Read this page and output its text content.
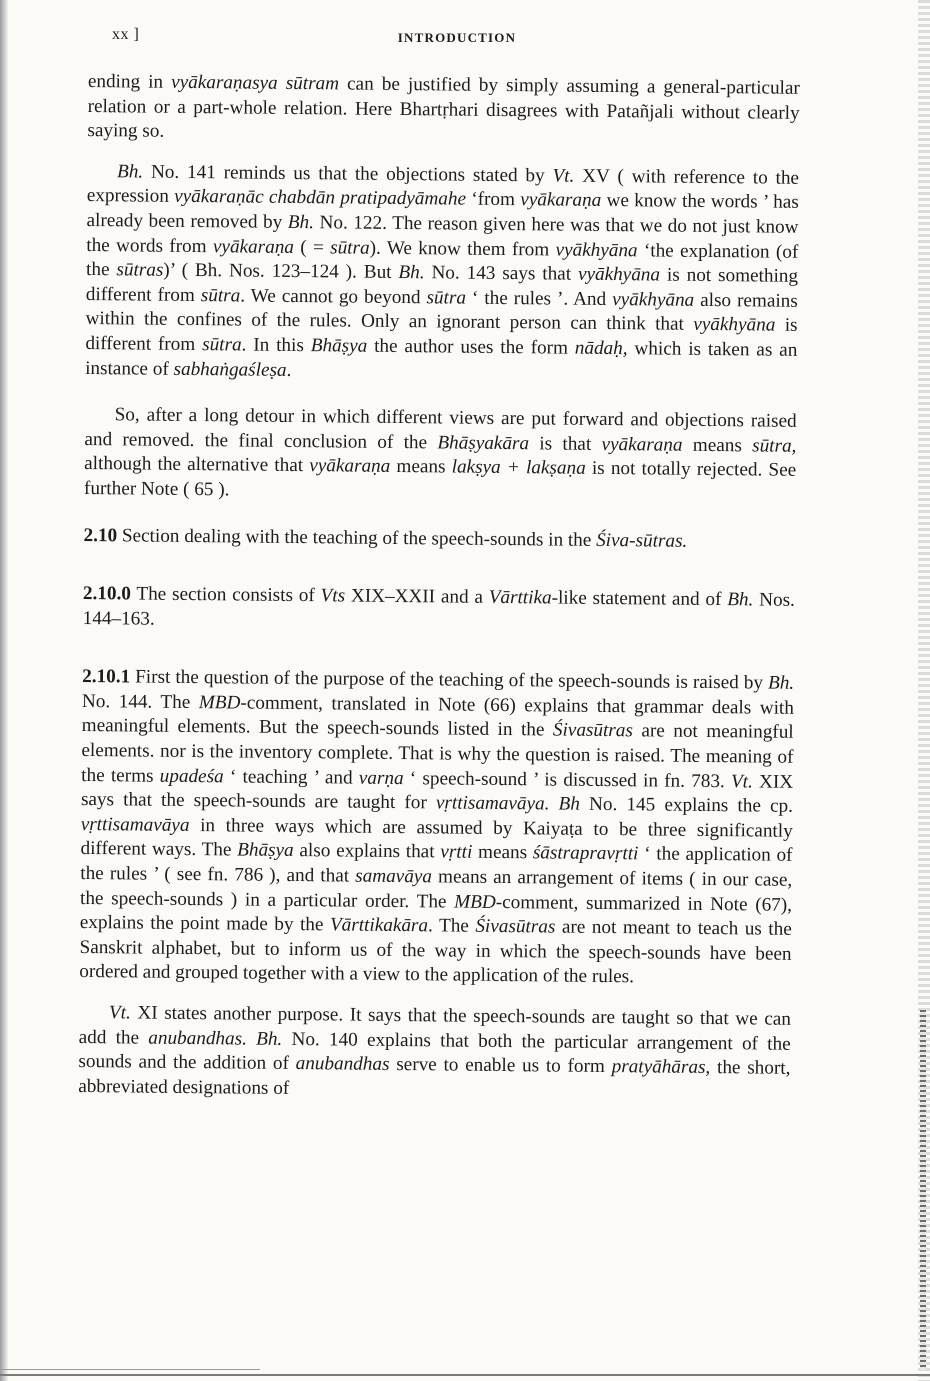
xx ]	INTRODUCTION

ending in vyākaraṇasya sūtram can be justified by simply assuming a general-particular relation or a part-whole relation. Here Bhartṛhari disagrees with Patañjali without clearly saying so.

Bh. No. 141 reminds us that the objections stated by Vt. XV ( with reference to the expression vyākaraṇāc chabdān pratipadyāmahe ‘from vyākaraṇa we know the words ’ has already been removed by Bh. No. 122. The reason given here was that we do not just know the words from vyākaraṇa ( = sūtra). We know them from vyākhyāna ‘the explanation (of the sūtras)’ ( Bh. Nos. 123–124 ). But Bh. No. 143 says that vyākhyāna is not something different from sūtra. We cannot go beyond sūtra ‘ the rules ’. And vyākhyāna also remains within the confines of the rules. Only an ignorant person can think that vyākhyāna is different from sūtra. In this Bhāṣya the author uses the form nādaḥ, which is taken as an instance of sabhaṅgaśleṣa.

So, after a long detour in which different views are put forward and objections raised and removed. the final conclusion of the Bhāṣyakāra is that vyākaraṇa means sūtra, although the alternative that vyākaraṇa means lakṣya + lakṣaṇa is not totally rejected. See further Note ( 65 ).

2.10 Section dealing with the teaching of the speech-sounds in the Śiva-sūtras.

2.10.0 The section consists of Vts XIX–XXII and a Vārttika-like statement and of Bh. Nos. 144–163.

2.10.1 First the question of the purpose of the teaching of the speech-sounds is raised by Bh. No. 144. The MBD-comment, translated in Note (66) explains that grammar deals with meaningful elements. But the speech-sounds listed in the Śivasūtras are not meaningful elements. nor is the inventory complete. That is why the question is raised. The meaning of the terms upadeśa ‘ teaching ’ and varṇa ‘ speech-sound ’ is discussed in fn. 783. Vt. XIX says that the speech-sounds are taught for vṛttisamavāya. Bh No. 145 explains the cp. vṛttisamavāya in three ways which are assumed by Kaiyaṭa to be three significantly different ways. The Bhāṣya also explains that vṛtti means śāstrapravṛtti ‘ the application of the rules ’ ( see fn. 786 ), and that samavāya means an arrangement of items ( in our case, the speech-sounds ) in a particular order. The MBD-comment, summarized in Note (67), explains the point made by the Vārttikakāra. The Śivasūtras are not meant to teach us the Sanskrit alphabet, but to inform us of the way in which the speech-sounds have been ordered and grouped together with a view to the application of the rules.

Vt. XI states another purpose. It says that the speech-sounds are taught so that we can add the anubandhas. Bh. No. 140 explains that both the particular arrangement of the sounds and the addition of anubandhas serve to enable us to form pratyāhāras, the short, abbreviated designations of
